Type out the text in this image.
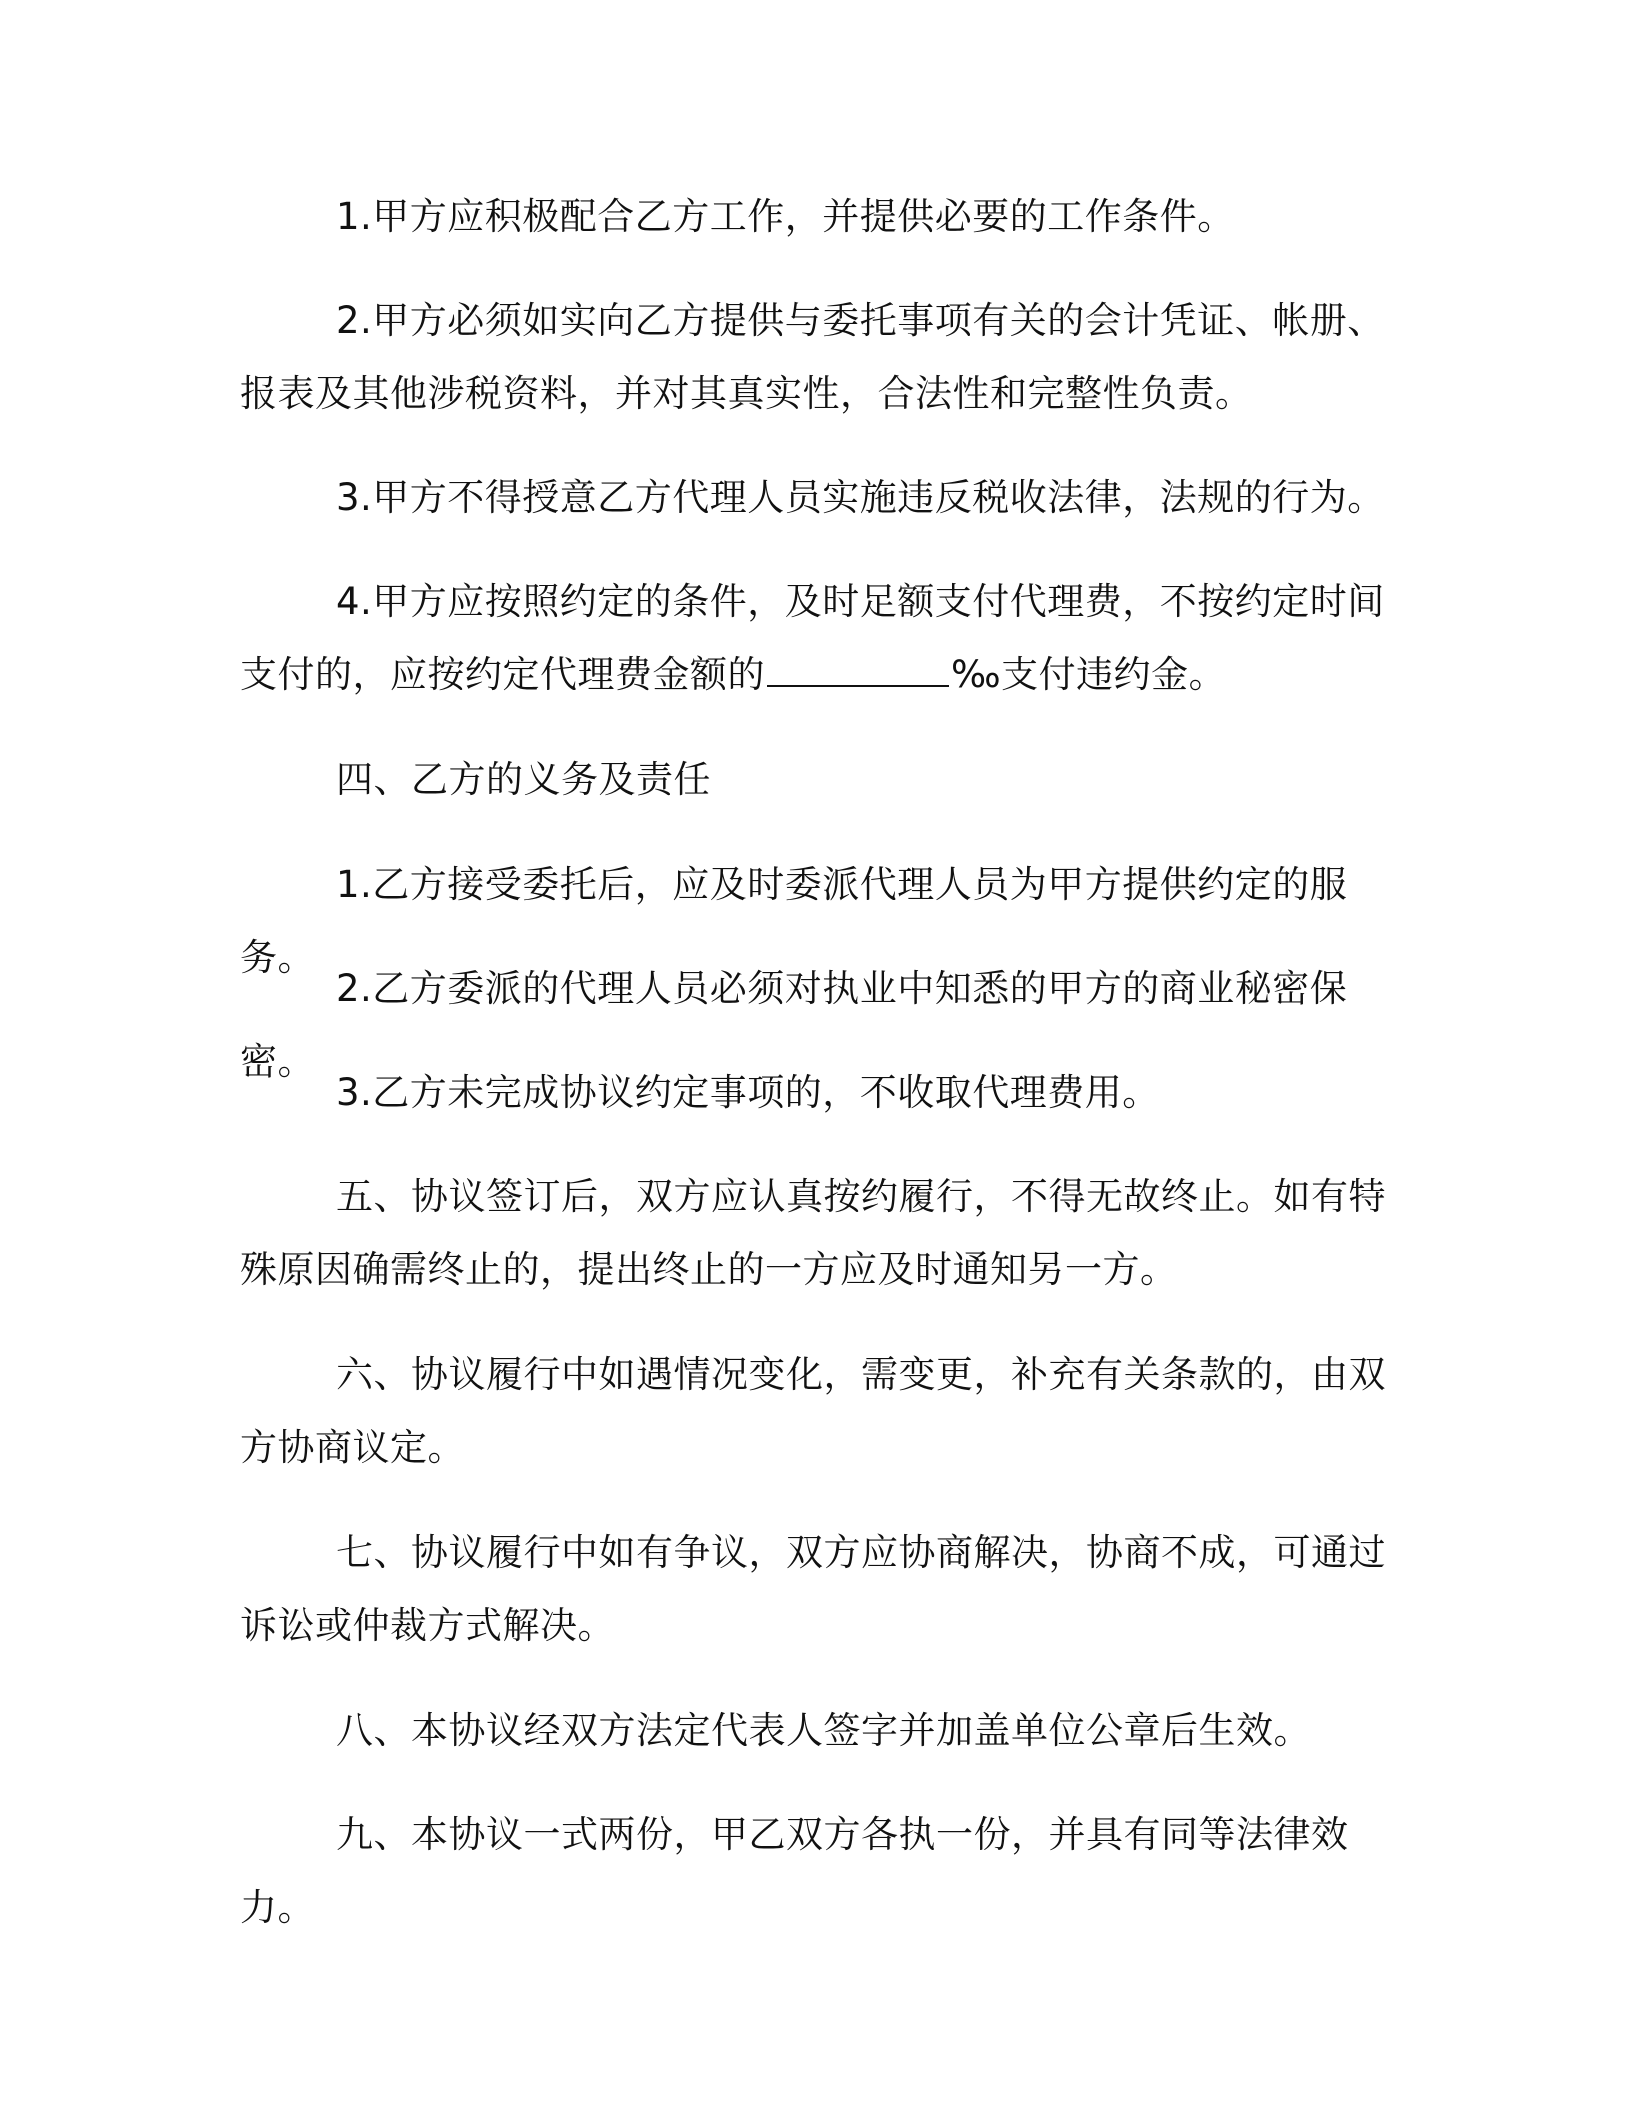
1.甲方应积极配合乙方工作，并提供必要的工作条件。

2.甲方必须如实向乙方提供与委托事项有关的会计凭证、帐册、报表及其他涉税资料，并对其真实性，合法性和完整性负责。

3.甲方不得授意乙方代理人员实施违反税收法律，法规的行为。

4.甲方应按照约定的条件，及时足额支付代理费，不按约定时间支付的，应按约定代理费金额的	‰支付违约金。

四、乙方的义务及责任

1.乙方接受委托后，应及时委派代理人员为甲方提供约定的服务。

2.乙方委派的代理人员必须对执业中知悉的甲方的商业秘密保密。

3.乙方未完成协议约定事项的，不收取代理费用。

五、协议签订后，双方应认真按约履行，不得无故终止。如有特殊原因确需终止的，提出终止的一方应及时通知另一方。

六、协议履行中如遇情况变化，需变更，补充有关条款的，由双方协商议定。

七、协议履行中如有争议，双方应协商解决，协商不成，可通过诉讼或仲裁方式解决。

八、本协议经双方法定代表人签字并加盖单位公章后生效。

九、本协议一式两份，甲乙双方各执一份，并具有同等法律效力。
